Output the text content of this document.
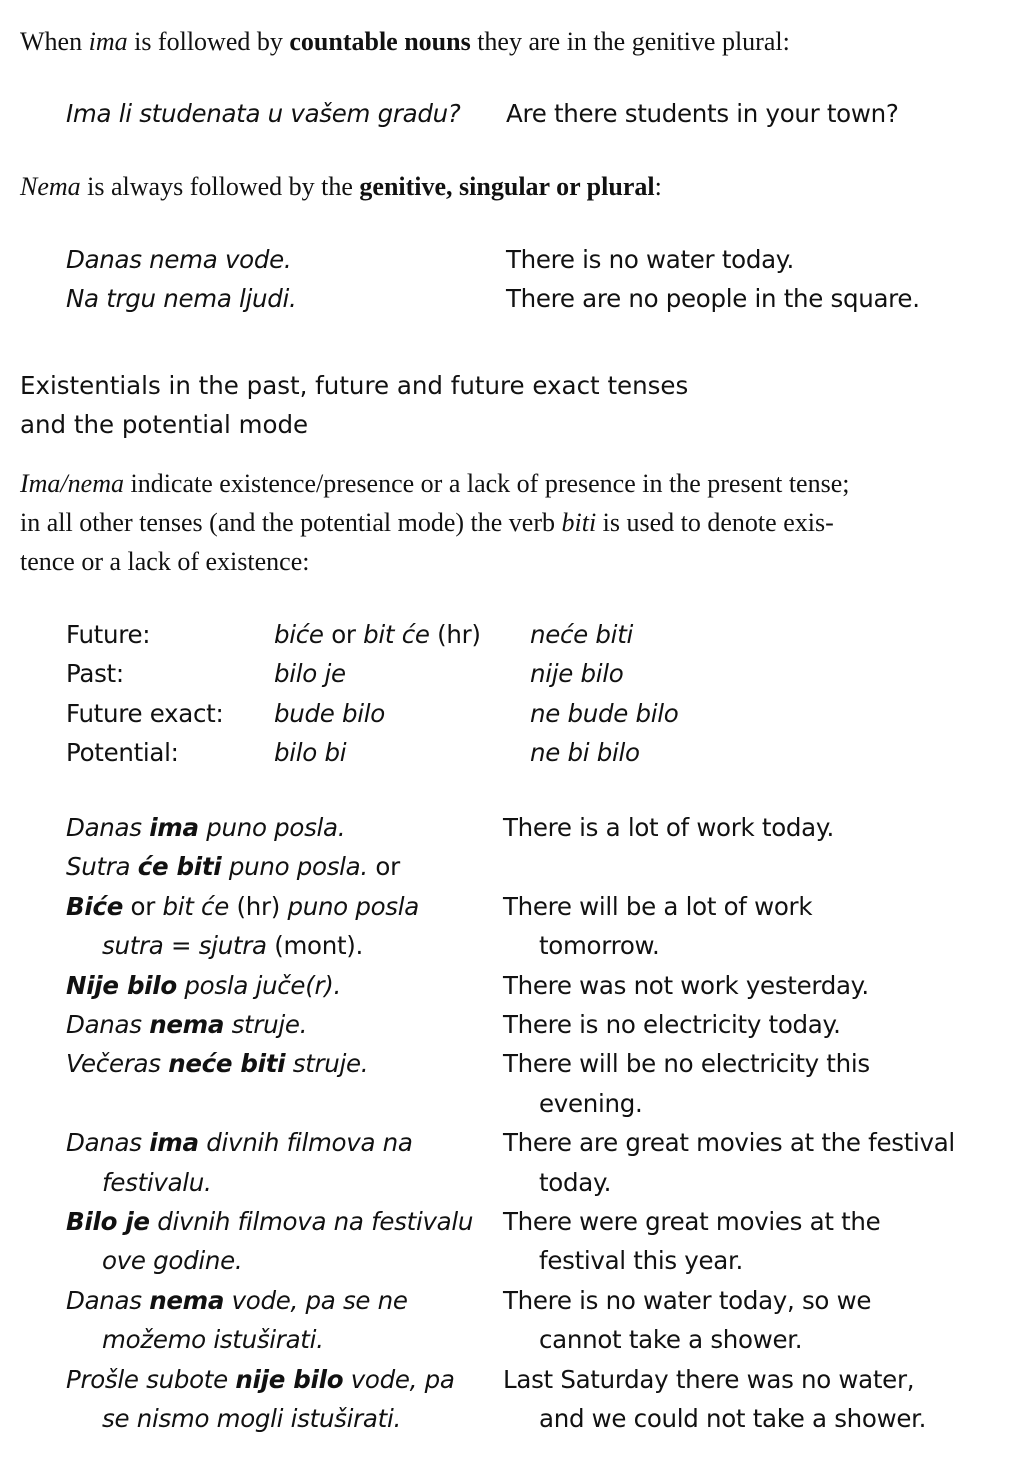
When ima is followed by countable nouns they are in the genitive plural:
Ima li studenata u vašem gradu? Are there students in your town?
Nema is always followed by the genitive, singular or plural:
Danas nema vode.
Na trgu nema ljudi.
There is no water today.
There are no people in the square.
Existentials in the past, future and future exact tenses
and the potential mode
Ima/nema indicate existence/presence or a lack of presence in the present tense;
in all other tenses (and the potential mode) the verb biti is used to denote exis-
tence or a lack of existence:
Future:
Past:
Future exact:
Potential:
biće or bit će (hr)
bilo je
bude bilo
bilo bi
neće biti
nije bilo
ne bude bilo
ne bi bilo
Danas ima puno posla.
Sutra će biti puno posla. or
Biće or bit će (hr) puno posla
sutra = sjutra (mont).
Nije bilo posla juče(r).
Danas nema struje.
Večeras neće biti struje.

Danas ima divnih filmova na
festivalu.
Bilo je divnih filmova na festivalu
ove godine.
Danas nema vode, pa se ne
možemo istuširati.
Prošle subote nije bilo vode, pa
se nismo mogli istuširati.
There is a lot of work today.

There will be a lot of work
tomorrow.
There was not work yesterday.
There is no electricity today.
There will be no electricity this
evening.
There are great movies at the festival
today.
There were great movies at the
festival this year.
There is no water today, so we
cannot take a shower.
Last Saturday there was no water,
and we could not take a shower.
